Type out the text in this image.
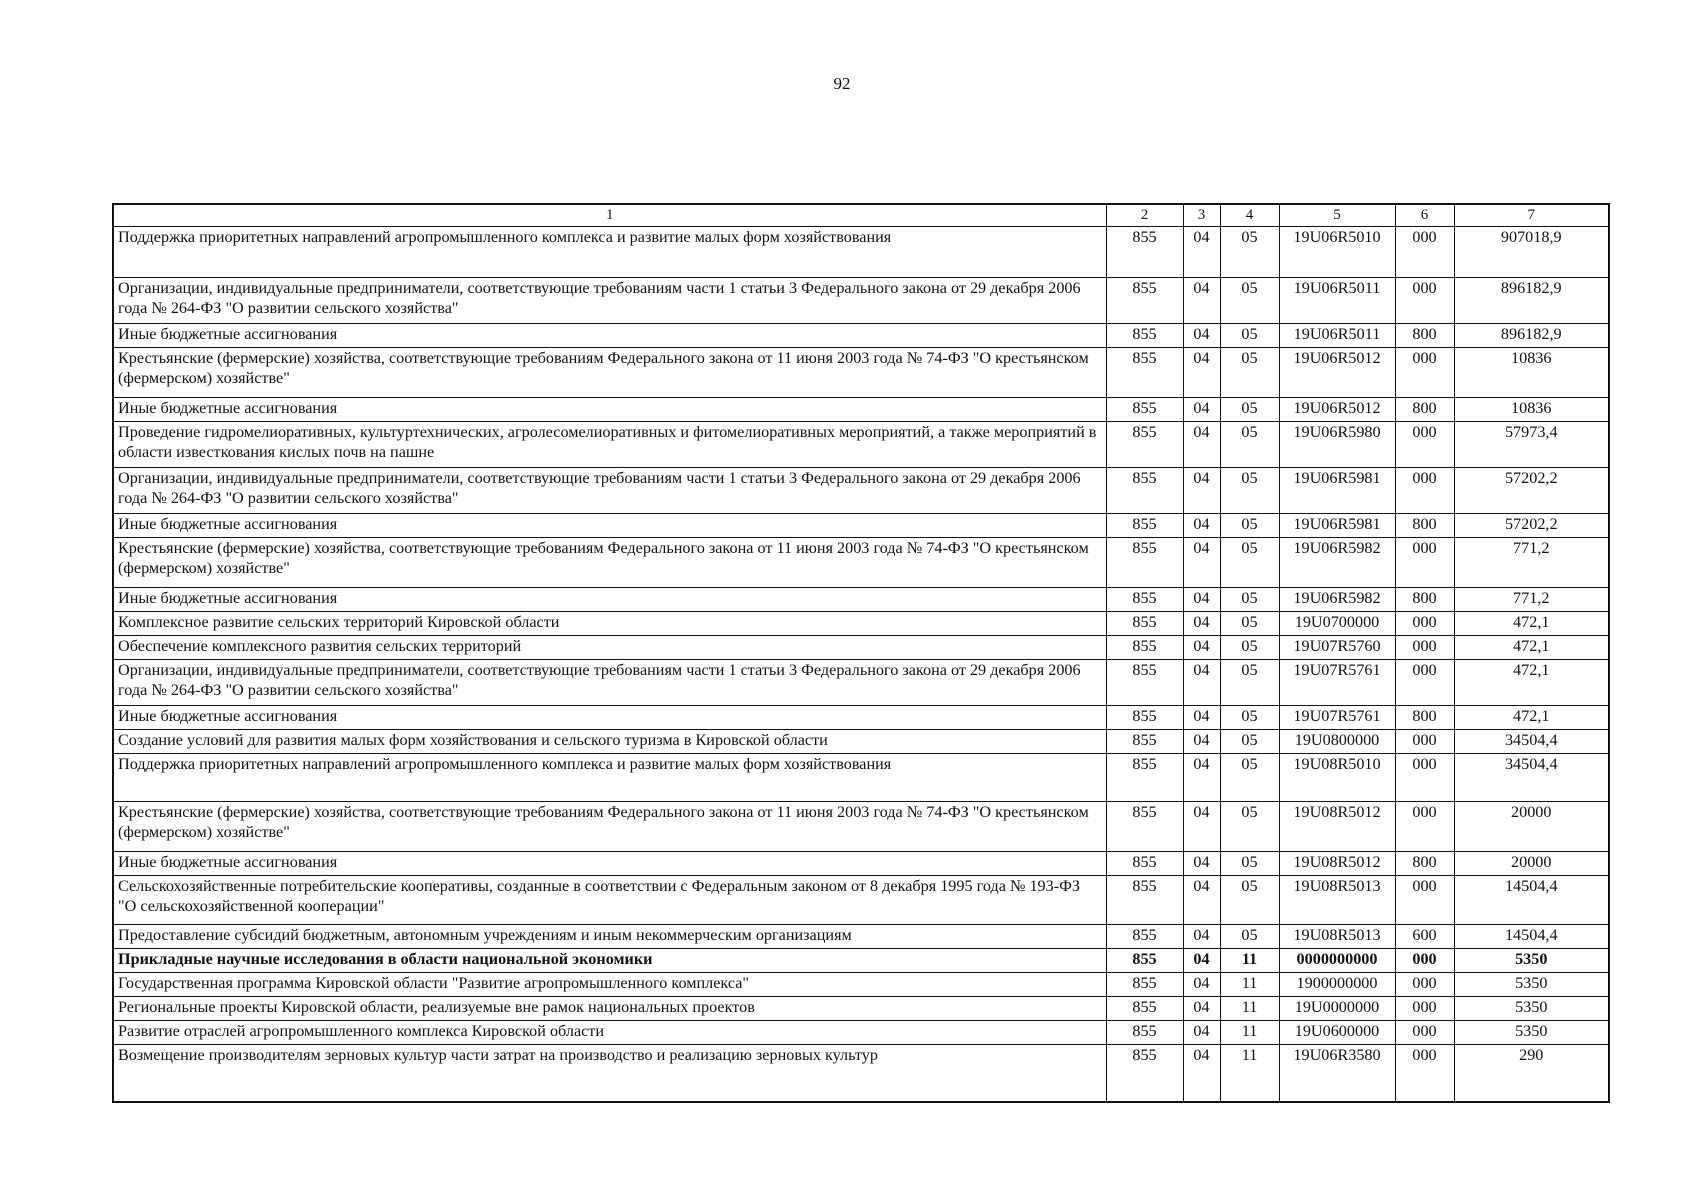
92
1	2	3	4	5	6	7
Поддержка приоритетных направлений агропромышленного комплекса и развитие малых форм хозяйствования	855	04	05	19U06R5010	000	907018,9
Организации, индивидуальные предприниматели, соответствующие требованиям части 1 статьи 3 Федерального закона от 29 декабря 2006 года № 264-ФЗ "О развитии сельского хозяйства"	855	04	05	19U06R5011	000	896182,9
Иные бюджетные ассигнования	855	04	05	19U06R5011	800	896182,9
Крестьянские (фермерские) хозяйства, соответствующие требованиям Федерального закона от 11 июня 2003 года № 74-ФЗ "О крестьянском (фермерском) хозяйстве"	855	04	05	19U06R5012	000	10836
Иные бюджетные ассигнования	855	04	05	19U06R5012	800	10836
Проведение гидромелиоративных, культуртехнических, агролесомелиоративных и фитомелиоративных мероприятий, а также мероприятий в области известкования кислых почв на пашне	855	04	05	19U06R5980	000	57973,4
Организации, индивидуальные предприниматели, соответствующие требованиям части 1 статьи 3 Федерального закона от 29 декабря 2006 года № 264-ФЗ "О развитии сельского хозяйства"	855	04	05	19U06R5981	000	57202,2
Иные бюджетные ассигнования	855	04	05	19U06R5981	800	57202,2
Крестьянские (фермерские) хозяйства, соответствующие требованиям Федерального закона от 11 июня 2003 года № 74-ФЗ "О крестьянском (фермерском) хозяйстве"	855	04	05	19U06R5982	000	771,2
Иные бюджетные ассигнования	855	04	05	19U06R5982	800	771,2
Комплексное развитие сельских территорий Кировской области	855	04	05	19U0700000	000	472,1
Обеспечение комплексного развития сельских территорий	855	04	05	19U07R5760	000	472,1
Организации, индивидуальные предприниматели, соответствующие требованиям части 1 статьи 3 Федерального закона от 29 декабря 2006 года № 264-ФЗ "О развитии сельского хозяйства"	855	04	05	19U07R5761	000	472,1
Иные бюджетные ассигнования	855	04	05	19U07R5761	800	472,1
Создание условий для развития малых форм хозяйствования и сельского туризма в Кировской области	855	04	05	19U0800000	000	34504,4
Поддержка приоритетных направлений агропромышленного комплекса и развитие малых форм хозяйствования	855	04	05	19U08R5010	000	34504,4
Крестьянские (фермерские) хозяйства, соответствующие требованиям Федерального закона от 11 июня 2003 года № 74-ФЗ "О крестьянском (фермерском) хозяйстве"	855	04	05	19U08R5012	000	20000
Иные бюджетные ассигнования	855	04	05	19U08R5012	800	20000
Сельскохозяйственные потребительские кооперативы, созданные в соответствии с Федеральным законом от 8 декабря 1995 года № 193-ФЗ "О сельскохозяйственной кооперации"	855	04	05	19U08R5013	000	14504,4
Предоставление субсидий бюджетным, автономным учреждениям и иным некоммерческим организациям	855	04	05	19U08R5013	600	14504,4
Прикладные научные исследования в области национальной экономики	855	04	11	0000000000	000	5350
Государственная программа Кировской области "Развитие агропромышленного комплекса"	855	04	11	1900000000	000	5350
Региональные проекты Кировской области, реализуемые вне рамок национальных проектов	855	04	11	19U0000000	000	5350
Развитие отраслей агропромышленного комплекса Кировской области	855	04	11	19U0600000	000	5350
Возмещение производителям зерновых культур части затрат на производство и реализацию зерновых культур	855	04	11	19U06R3580	000	290
